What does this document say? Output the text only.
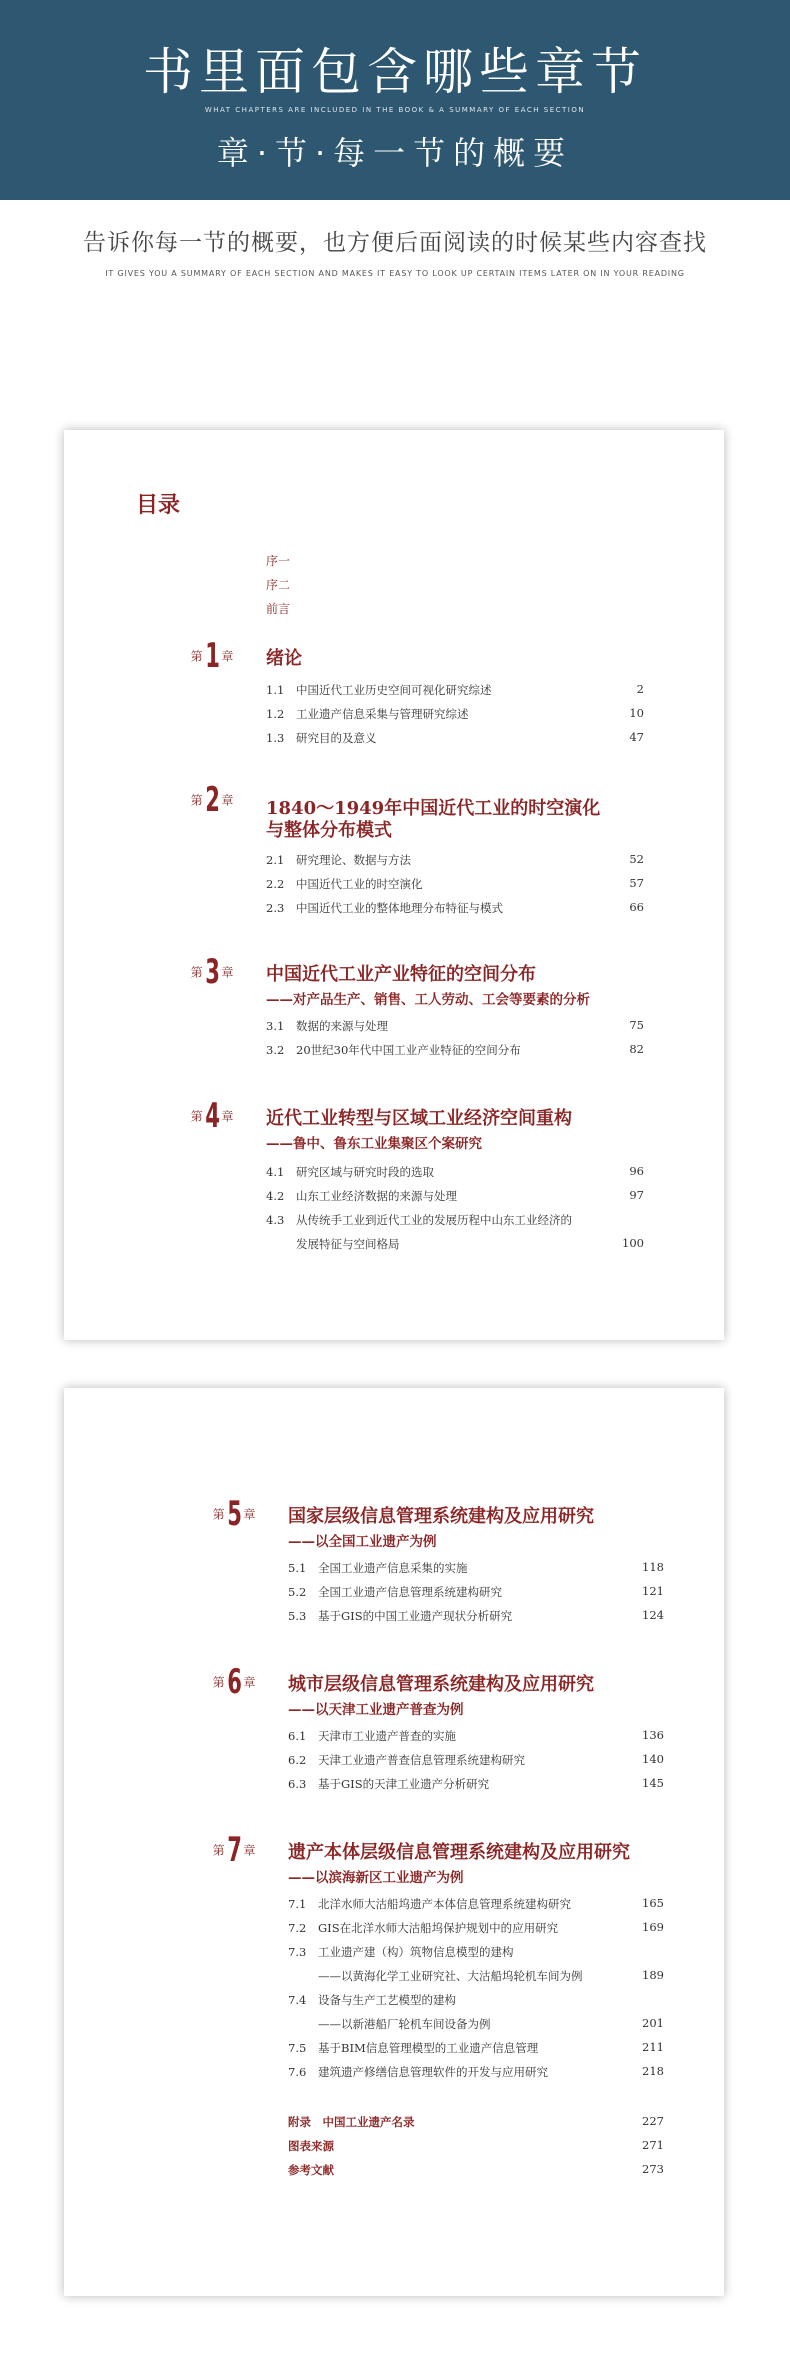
书里面包含哪些章节
WHAT CHAPTERS ARE INCLUDED IN THE BOOK & A SUMMARY OF EACH SECTION
章·节·每一节的概要
告诉你每一节的概要，也方便后面阅读的时候某些内容查找
IT GIVES YOU A SUMMARY OF EACH SECTION AND MAKES IT EASY TO LOOK UP CERTAIN ITEMS LATER ON IN YOUR READING
目录
序一
序二
前言
第1 章	绪论
1.1 中国近代工业历史空间可视化研究综述	2
1.2 工业遗产信息采集与管理研究综述	10
1.3 研究目的及意义	47
第2 章	1840～1949年中国近代工业的时空演化
与整体分布模式
2.1 研究理论、数据与方法	52
2.2 中国近代工业的时空演化	57
2.3 中国近代工业的整体地理分布特征与模式	66
第3 章	中国近代工业产业特征的空间分布
——对产品生产、销售、工人劳动、工会等要素的分析
3.1 数据的来源与处理	75
3.2 20世纪30年代中国工业产业特征的空间分布	82
第4 章	近代工业转型与区域工业经济空间重构
——鲁中、鲁东工业集聚区个案研究
4.1 研究区域与研究时段的选取	96
4.2 山东工业经济数据的来源与处理	97
4.3 从传统手工业到近代工业的发展历程中山东工业经济的
发展特征与空间格局	100
第5 章	国家层级信息管理系统建构及应用研究
——以全国工业遗产为例
5.1 全国工业遗产信息采集的实施	118
5.2 全国工业遗产信息管理系统建构研究	121
5.3 基于GIS的中国工业遗产现状分析研究	124
第6 章	城市层级信息管理系统建构及应用研究
——以天津工业遗产普查为例
6.1 天津市工业遗产普查的实施	136
6.2 天津工业遗产普查信息管理系统建构研究	140
6.3 基于GIS的天津工业遗产分析研究	145
第7 章	遗产本体层级信息管理系统建构及应用研究
——以滨海新区工业遗产为例
7.1 北洋水师大沽船坞遗产本体信息管理系统建构研究	165
7.2 GIS在北洋水师大沽船坞保护规划中的应用研究	169
7.3 工业遗产建（构）筑物信息模型的建构
——以黄海化学工业研究社、大沽船坞轮机车间为例	189
7.4 设备与生产工艺模型的建构
——以新港船厂轮机车间设备为例	201
7.5 基于BIM信息管理模型的工业遗产信息管理	211
7.6 建筑遗产修缮信息管理软件的开发与应用研究	218
附录　中国工业遗产名录	227
图表来源	271
参考文献	273
